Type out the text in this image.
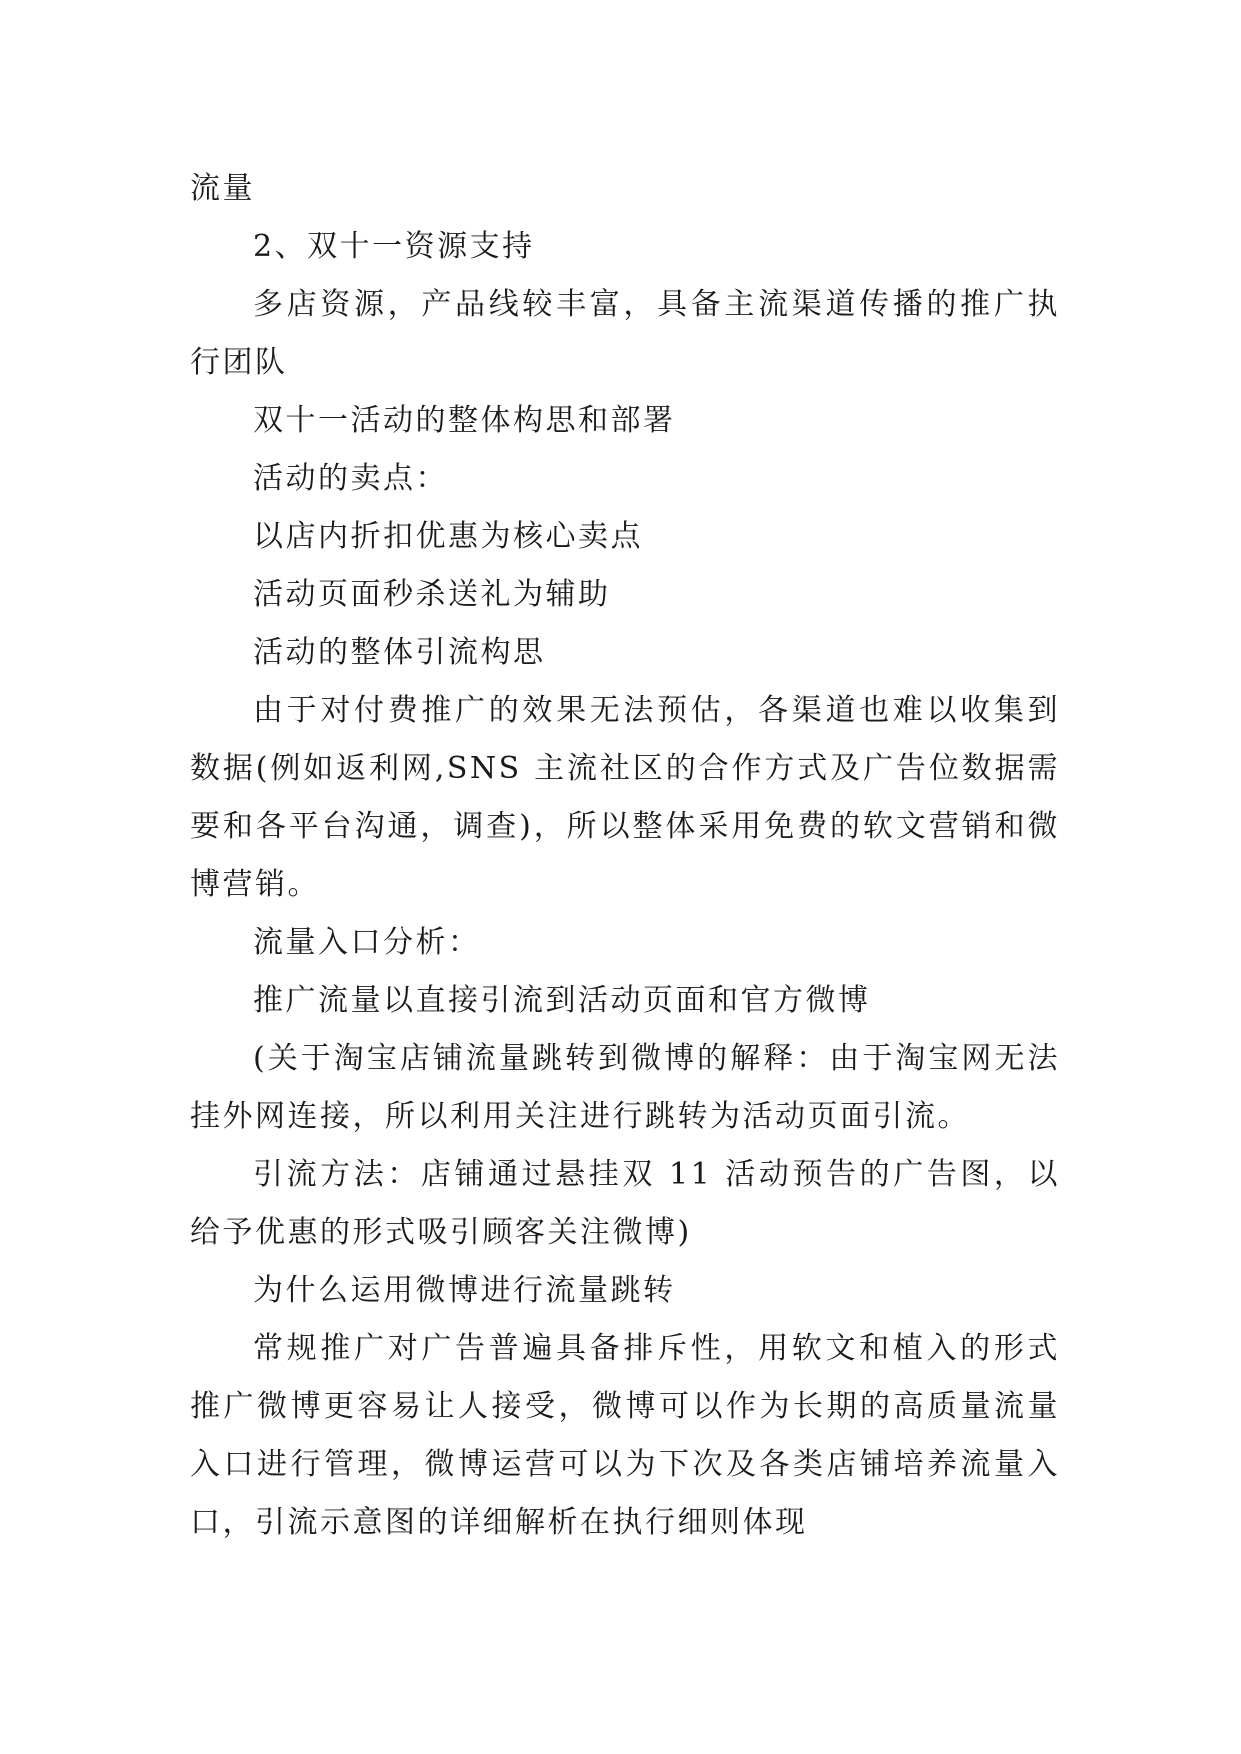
流量

2、双十一资源支持

多店资源，产品线较丰富，具备主流渠道传播的推广执行团队

双十一活动的整体构思和部署

活动的卖点：

以店内折扣优惠为核心卖点

活动页面秒杀送礼为辅助

活动的整体引流构思

由于对付费推广的效果无法预估，各渠道也难以收集到数据(例如返利网,SNS 主流社区的合作方式及广告位数据需要和各平台沟通，调查)，所以整体采用免费的软文营销和微博营销。

流量入口分析：

推广流量以直接引流到活动页面和官方微博

(关于淘宝店铺流量跳转到微博的解释：由于淘宝网无法挂外网连接，所以利用关注进行跳转为活动页面引流。

引流方法：店铺通过悬挂双 11 活动预告的广告图，以给予优惠的形式吸引顾客关注微博)

为什么运用微博进行流量跳转

常规推广对广告普遍具备排斥性，用软文和植入的形式推广微博更容易让人接受，微博可以作为长期的高质量流量入口进行管理，微博运营可以为下次及各类店铺培养流量入口，引流示意图的详细解析在执行细则体现
